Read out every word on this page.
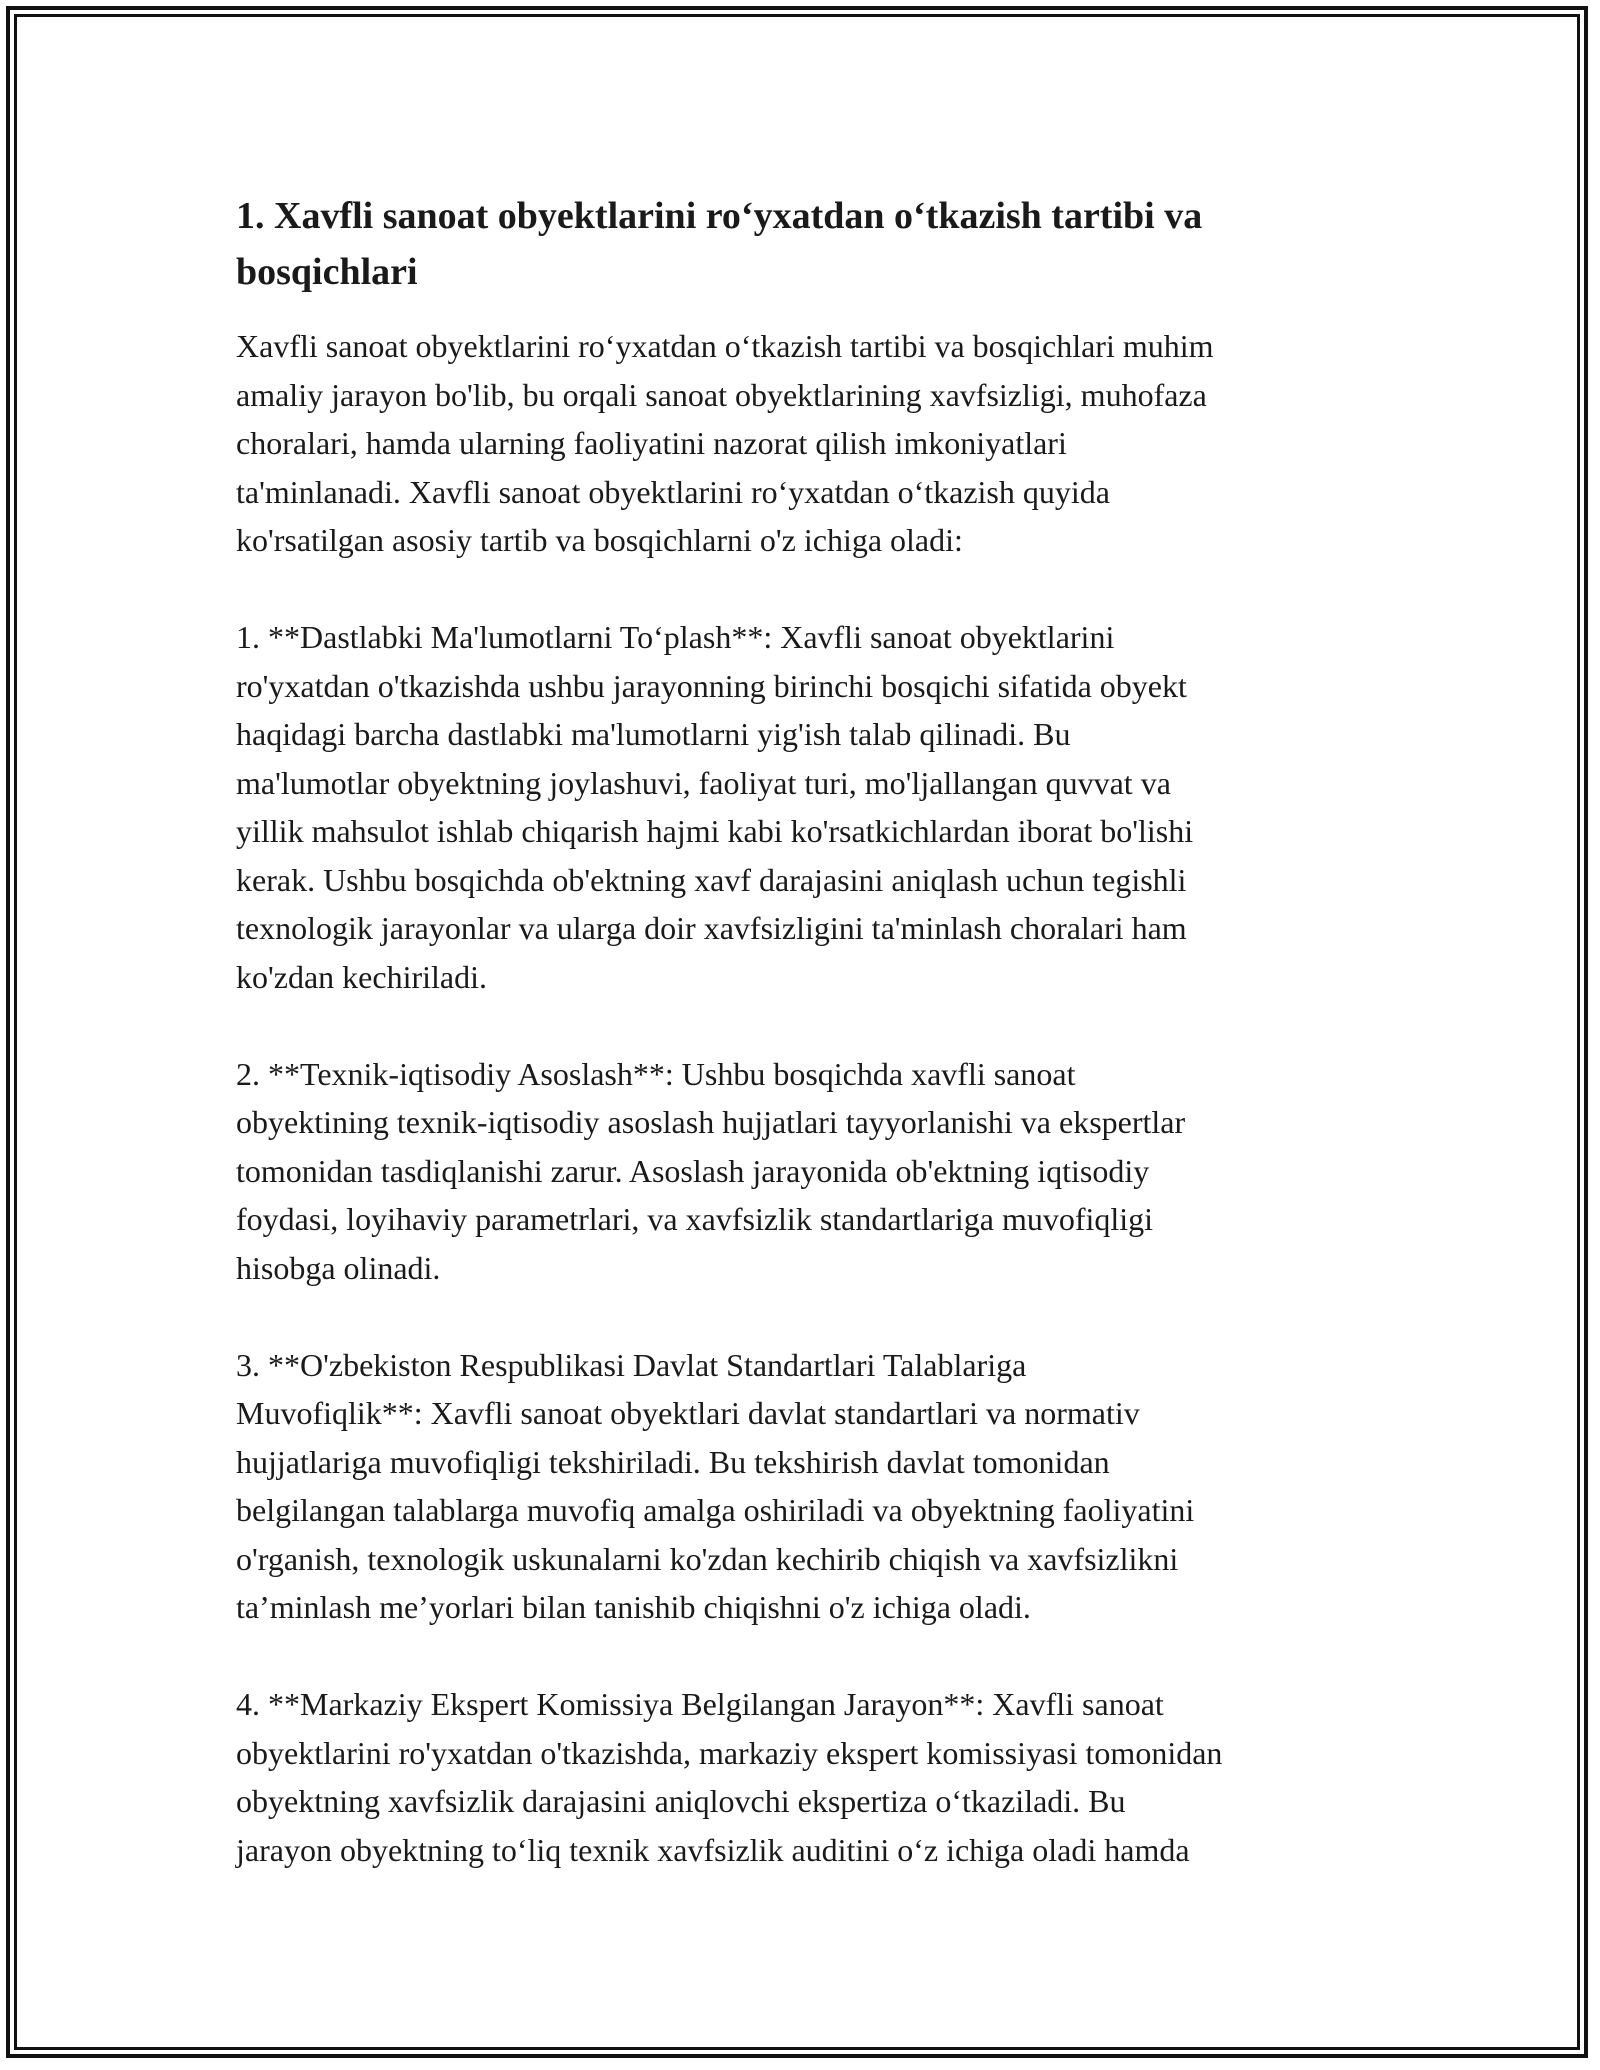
1. Xavfli sanoat obyektlarini ro‘yxatdan o‘tkazish tartibi va
bosqichlari

Xavfli sanoat obyektlarini ro‘yxatdan o‘tkazish tartibi va bosqichlari muhim
amaliy jarayon bo'lib, bu orqali sanoat obyektlarining xavfsizligi, muhofaza
choralari, hamda ularning faoliyatini nazorat qilish imkoniyatlari
ta'minlanadi. Xavfli sanoat obyektlarini ro‘yxatdan o‘tkazish quyida
ko'rsatilgan asosiy tartib va bosqichlarni o'z ichiga oladi:

1. **Dastlabki Ma'lumotlarni To‘plash**: Xavfli sanoat obyektlarini
ro'yxatdan o'tkazishda ushbu jarayonning birinchi bosqichi sifatida obyekt
haqidagi barcha dastlabki ma'lumotlarni yig'ish talab qilinadi. Bu
ma'lumotlar obyektning joylashuvi, faoliyat turi, mo'ljallangan quvvat va
yillik mahsulot ishlab chiqarish hajmi kabi ko'rsatkichlardan iborat bo'lishi
kerak. Ushbu bosqichda ob'ektning xavf darajasini aniqlash uchun tegishli
texnologik jarayonlar va ularga doir xavfsizligini ta'minlash choralari ham
ko'zdan kechiriladi.

2. **Texnik-iqtisodiy Asoslash**: Ushbu bosqichda xavfli sanoat
obyektining texnik-iqtisodiy asoslash hujjatlari tayyorlanishi va ekspertlar
tomonidan tasdiqlanishi zarur. Asoslash jarayonida ob'ektning iqtisodiy
foydasi, loyihaviy parametrlari, va xavfsizlik standartlariga muvofiqligi
hisobga olinadi.

3. **O'zbekiston Respublikasi Davlat Standartlari Talablariga
Muvofiqlik**: Xavfli sanoat obyektlari davlat standartlari va normativ
hujjatlariga muvofiqligi tekshiriladi. Bu tekshirish davlat tomonidan
belgilangan talablarga muvofiq amalga oshiriladi va obyektning faoliyatini
o'rganish, texnologik uskunalarni ko'zdan kechirib chiqish va xavfsizlikni
ta’minlash me’yorlari bilan tanishib chiqishni o'z ichiga oladi.

4. **Markaziy Ekspert Komissiya Belgilangan Jarayon**: Xavfli sanoat
obyektlarini ro'yxatdan o'tkazishda, markaziy ekspert komissiyasi tomonidan
obyektning xavfsizlik darajasini aniqlovchi ekspertiza o‘tkaziladi. Bu
jarayon obyektning to‘liq texnik xavfsizlik auditini o‘z ichiga oladi hamda
